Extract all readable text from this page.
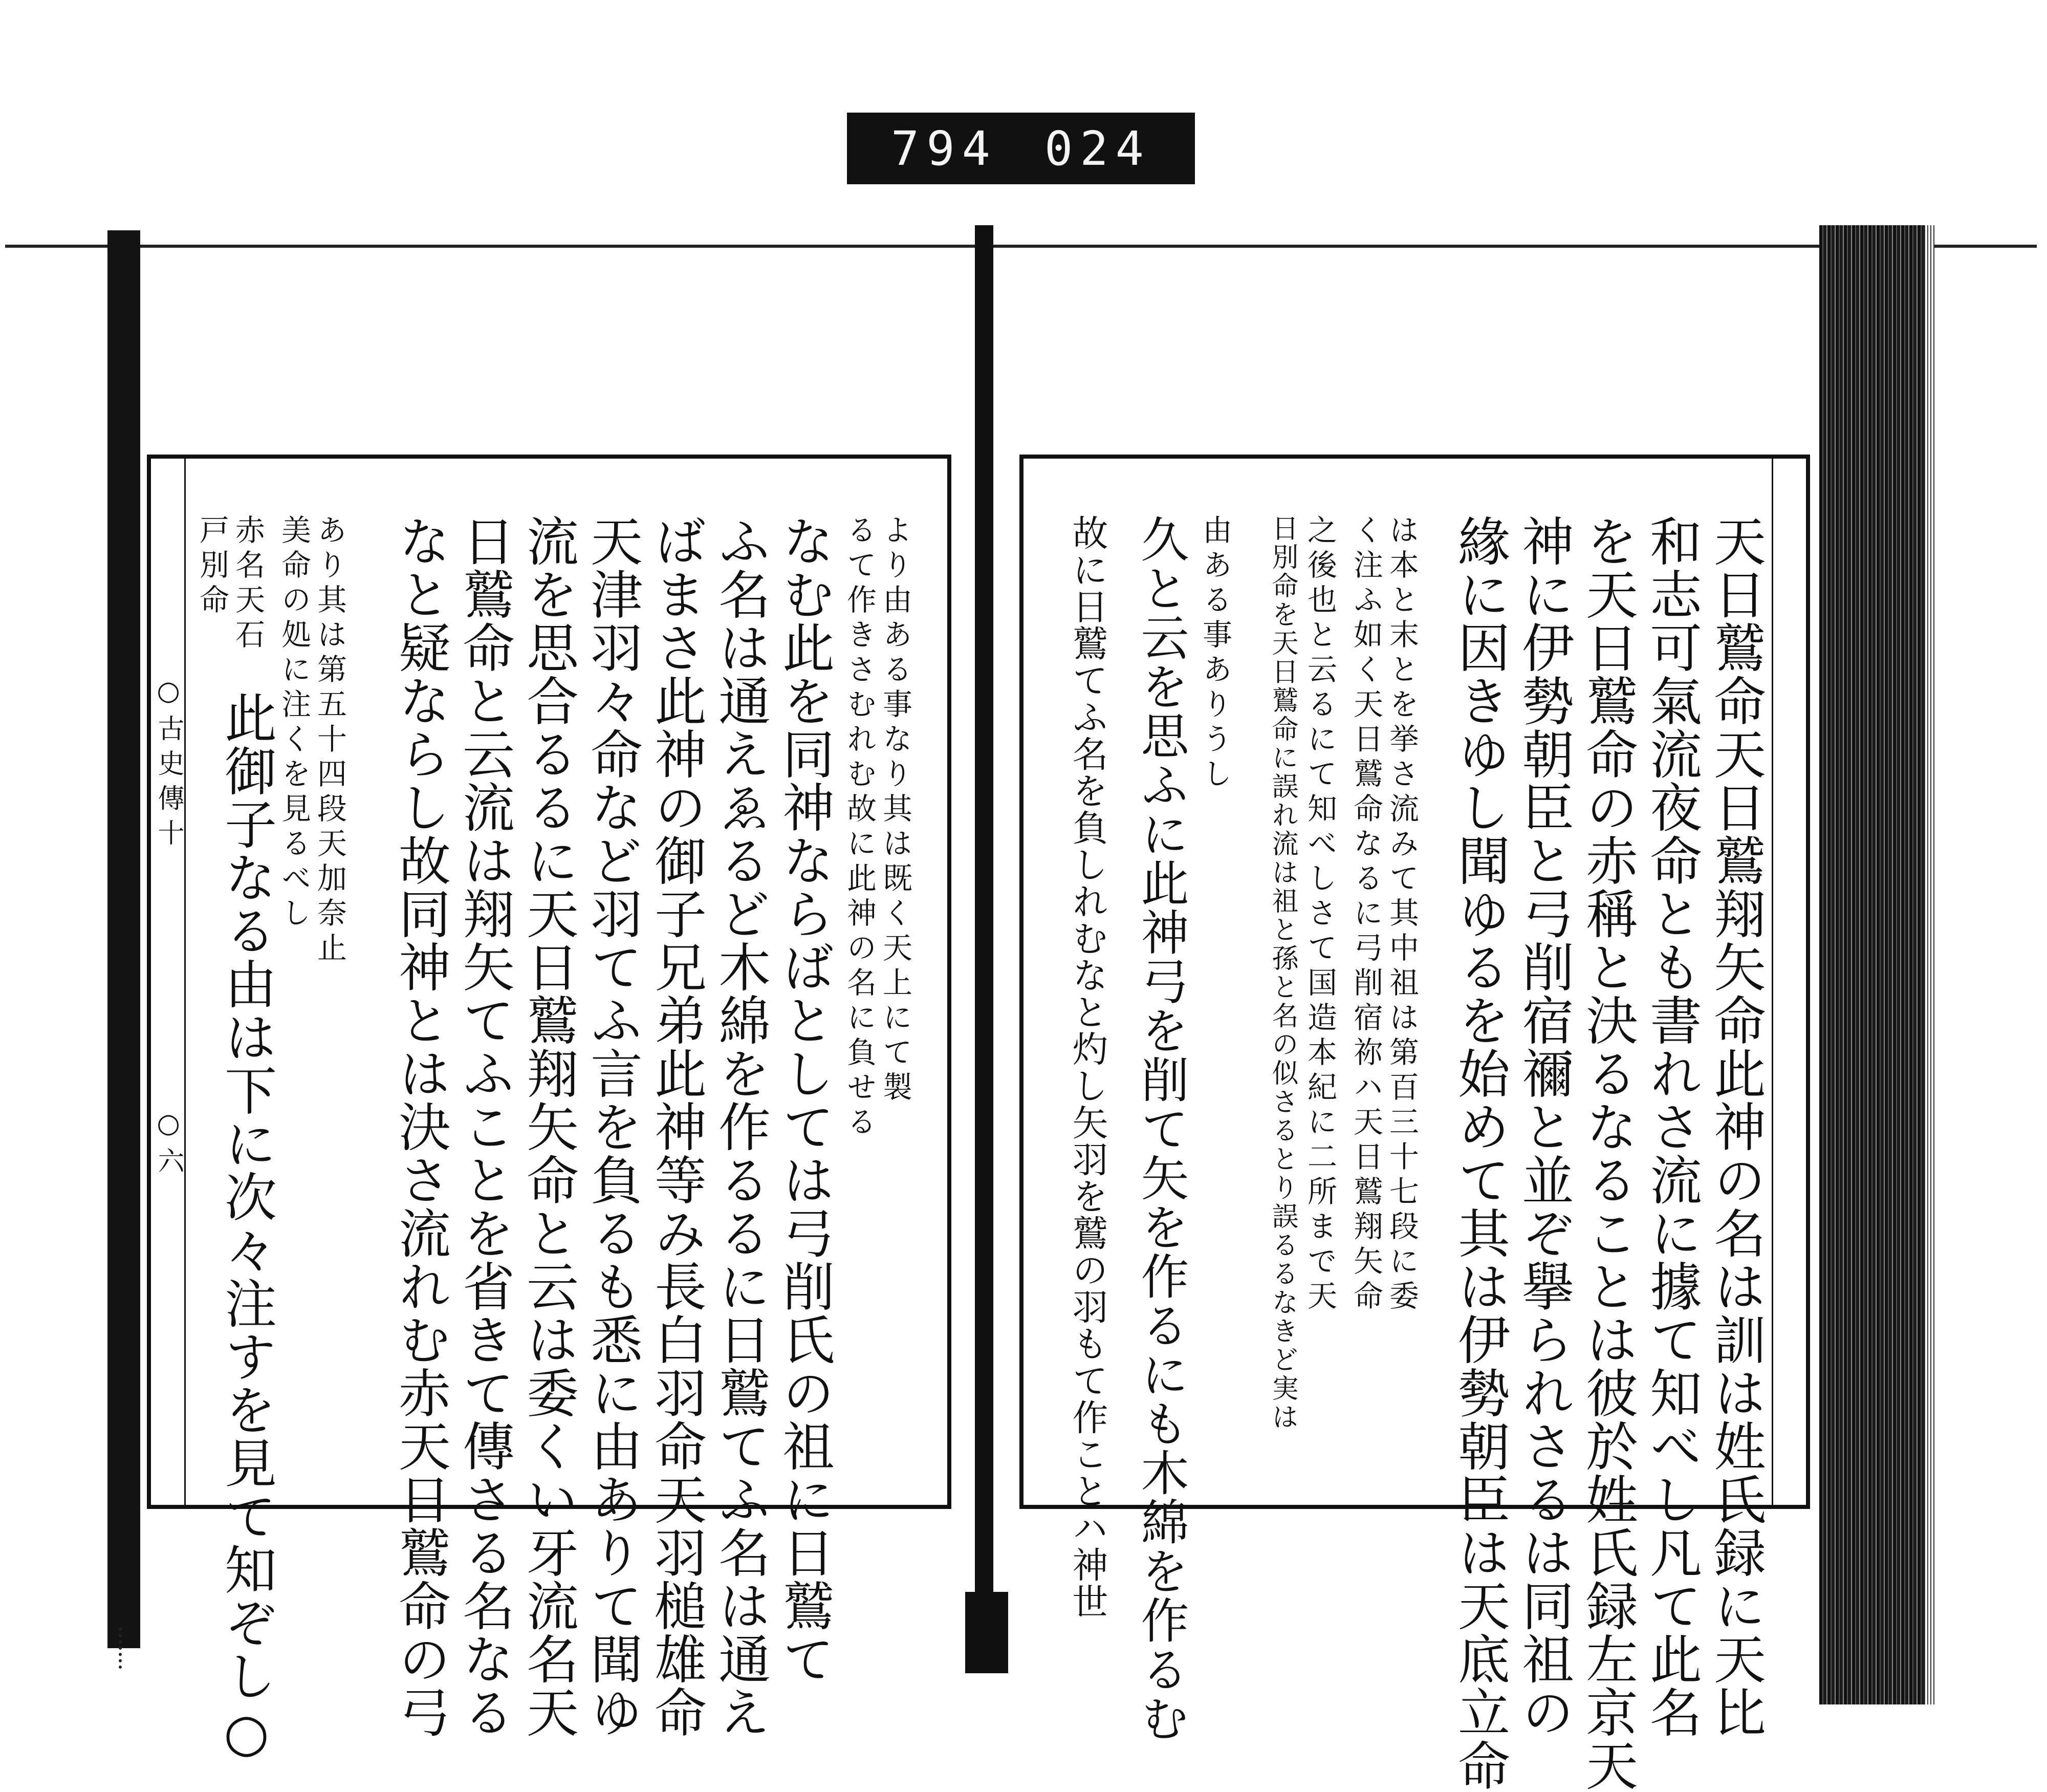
794 024
○古史傳十
○六
より由ある事なり其は既く天上にて製
るて作きさむれむ故に此神の名に負せる
なむ此を同神ならばとしては弓削氏の祖に日鷲て
ふ名は通えゑるど木綿を作るるに日鷲てふ名は通え
ばまさ此神の御子兄弟此神等み長白羽命天羽槌雄命
天津羽々命など羽てふ言を負るも悉に由ありて聞ゆ
流を思合るるに天日鷲翔矢命と云は委くい牙流名天
日鷲命と云流は翔矢てふことを省きて傳さる名なる
なと疑ならし故同神とは決さ流れむ赤天日鷲命の弓
あり其は第五十四段天加奈止
美命の処に注くを見るべし
赤名天石
戸別命
此御子なる由は下に次々注すを見て知ぞし○	天日鷲命天日鷲翔矢命此神の名は訓は姓氏録に天比
和志可氣流夜命とも書れさ流に據て知べし凡て此名
を天日鷲命の赤稱と決るなることは彼於姓氏録左京天
神に伊勢朝臣と弓削宿禰と並ぞ擧られさるは同祖の
緣に因きゆし聞ゆるを始めて其は伊勢朝臣は天底立命
は本と末とを挙さ流みて其中祖は第百三十七段に委
く注ふ如く天日鷲命なるに弓削宿祢ハ天日鷲翔矢命
之後也と云るにて知べしさて国造本紀に二所まで天
日別命を天日鷲命に誤れ流は祖と孫と名の似さるとり誤るるなきど実は
由ある事ありうし
久と云を思ふに此神弓を削て矢を作るにも木綿を作るむ
故に日鷲てふ名を負しれむなと灼し矢羽を鷲の羽もて作ことハ神世
